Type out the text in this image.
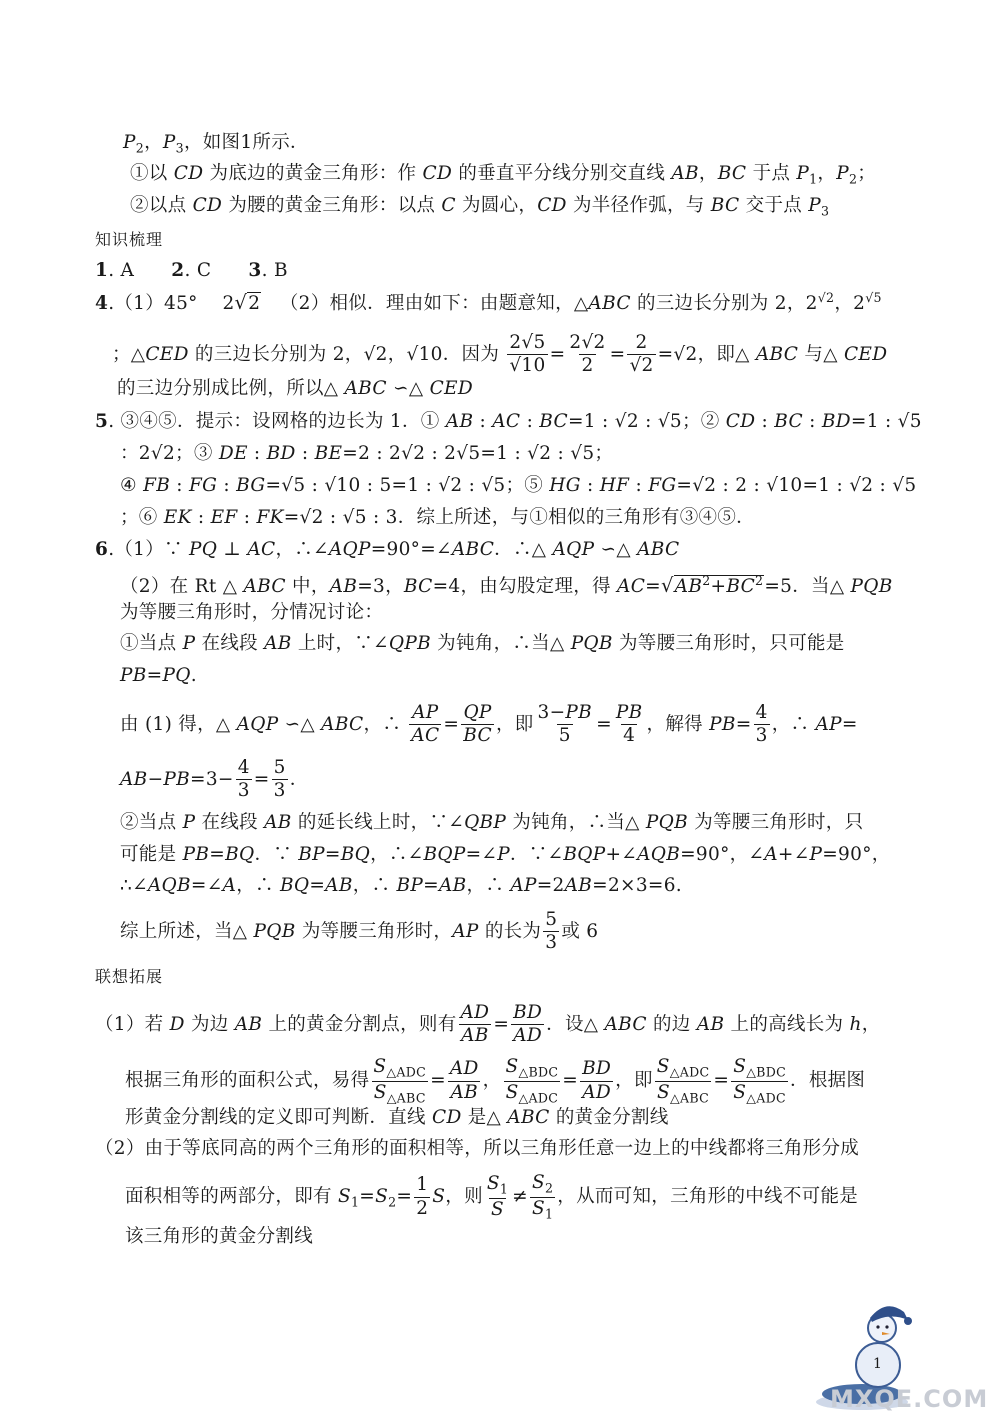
$P_2$，$P_3$，如图1所示．
①以 CD 为底边的黄金三角形：作 CD 的垂直平分线分别交直线 AB，BC 于点 $P_1$，$P_2$；
②以点 CD 为腰的黄金三角形：以点 C 为圆心，CD 为半径作弧，与 BC 交于点 $P_3$
知识梳理
1. A      2. C      3. B
4.（1）45°    2√2   （2）相似．理由如下：由题意知，△ABC 的三边长分别为 2，$2^{√2}$，$2^{√5}$
；△CED 的三边长分别为 2，√2，√10．因为 $\frac{2√5}{√10} = \frac{2√2}{2} = \frac{2}{√2} =√2$，即△ ABC 与△ CED
的三边分别成比例，所以△ ABC ∽△ CED
5. ③④⑤．提示：设网格的边长为 1．① AB : AC : BC=1 : √2 : √5；② CD : BC : BD=1 : √5
：2√2；③ DE : BD : BE=2 : 2√2 : 2√5=1 : √2 : √5；
④ FB : FG : BG=√5 : √10 : 5=1 : √2 : √5；⑤ HG : HF : FG=√2 : 2 : √10=1 : √2 : √5
；⑥ EK : EF : FK=√2 : √5 : 3．综上所述，与①相似的三角形有③④⑤．
6.（1）∵ PQ ⊥ AC，∴∠AQP=90°=∠ABC．∴△ AQP ∽△ ABC
（2）在 Rt △ ABC 中，AB=3，BC=4，由勾股定理，得 $AC=√AB^2+BC^2=5$．当△ PQB
为等腰三角形时，分情况讨论：
①当点 P 在线段 AB 上时，∵∠QPB 为钝角，∴当△ PQB 为等腰三角形时，只可能是
PB=PQ.
由 (1) 得，△ AQP ∽△ ABC，∴ $\frac{AP}{AC} = \frac{QP}{BC}$ ，即 $\frac{3-PB}{5} = \frac{PB}{4}$ ，解得 $PB= \frac{4}{3}$ ，∴ AP=
$AB-PB=3- \frac{4}{3} = \frac{5}{3}$ ．
②当点 P 在线段 AB 的延长线上时，∵∠QBP 为钝角，∴当△ PQB 为等腰三角形时，只
可能是 PB=BQ．∵ BP=BQ，∴∠BQP=∠P．∵∠BQP+∠AQB=90°，∠A+∠P=90°，
∴∠AQB=∠A，∴ BQ=AB，∴ BP=AB，∴ AP=2AB=2×3=6.
综上所述，当△ PQB 为等腰三角形时，AP 的长为 $\frac{5}{3}$ 或 6
联想拓展
（1）若 D 为边 AB 上的黄金分割点，则有 $\frac{AD}{AB} = \frac{BD}{AD}$ ．设△ ABC 的边 AB 上的高线长为 h，
根据三角形的面积公式，易得
$S_{\triangle ADC}$
$S_{\triangle ABC}$
= $\frac{AD}{AB}$ ，
$S_{\triangle BDC}$
$S_{\triangle ADC}$
= $\frac{BD}{AD}$ ，即
$S_{\triangle ADC}$
$S_{\triangle ABC}$
=
$S_{\triangle BDC}$
$S_{\triangle ADC}$
．根据图
形黄金分割线的定义即可判断．直线 CD 是△ ABC 的黄金分割线
（2）由于等底同高的两个三角形的面积相等，所以三角形任意一边上的中线都将三角形分成
面积相等的两部分，即有 $S_1=S_2= \frac{1}{2}$ S，则 $\frac{S_1}{S} \ne \frac{S_2}{S_1}$ ，从而可知，三角形的中线不可能是
该三角形的黄金分割线
1
MXQE.COM
